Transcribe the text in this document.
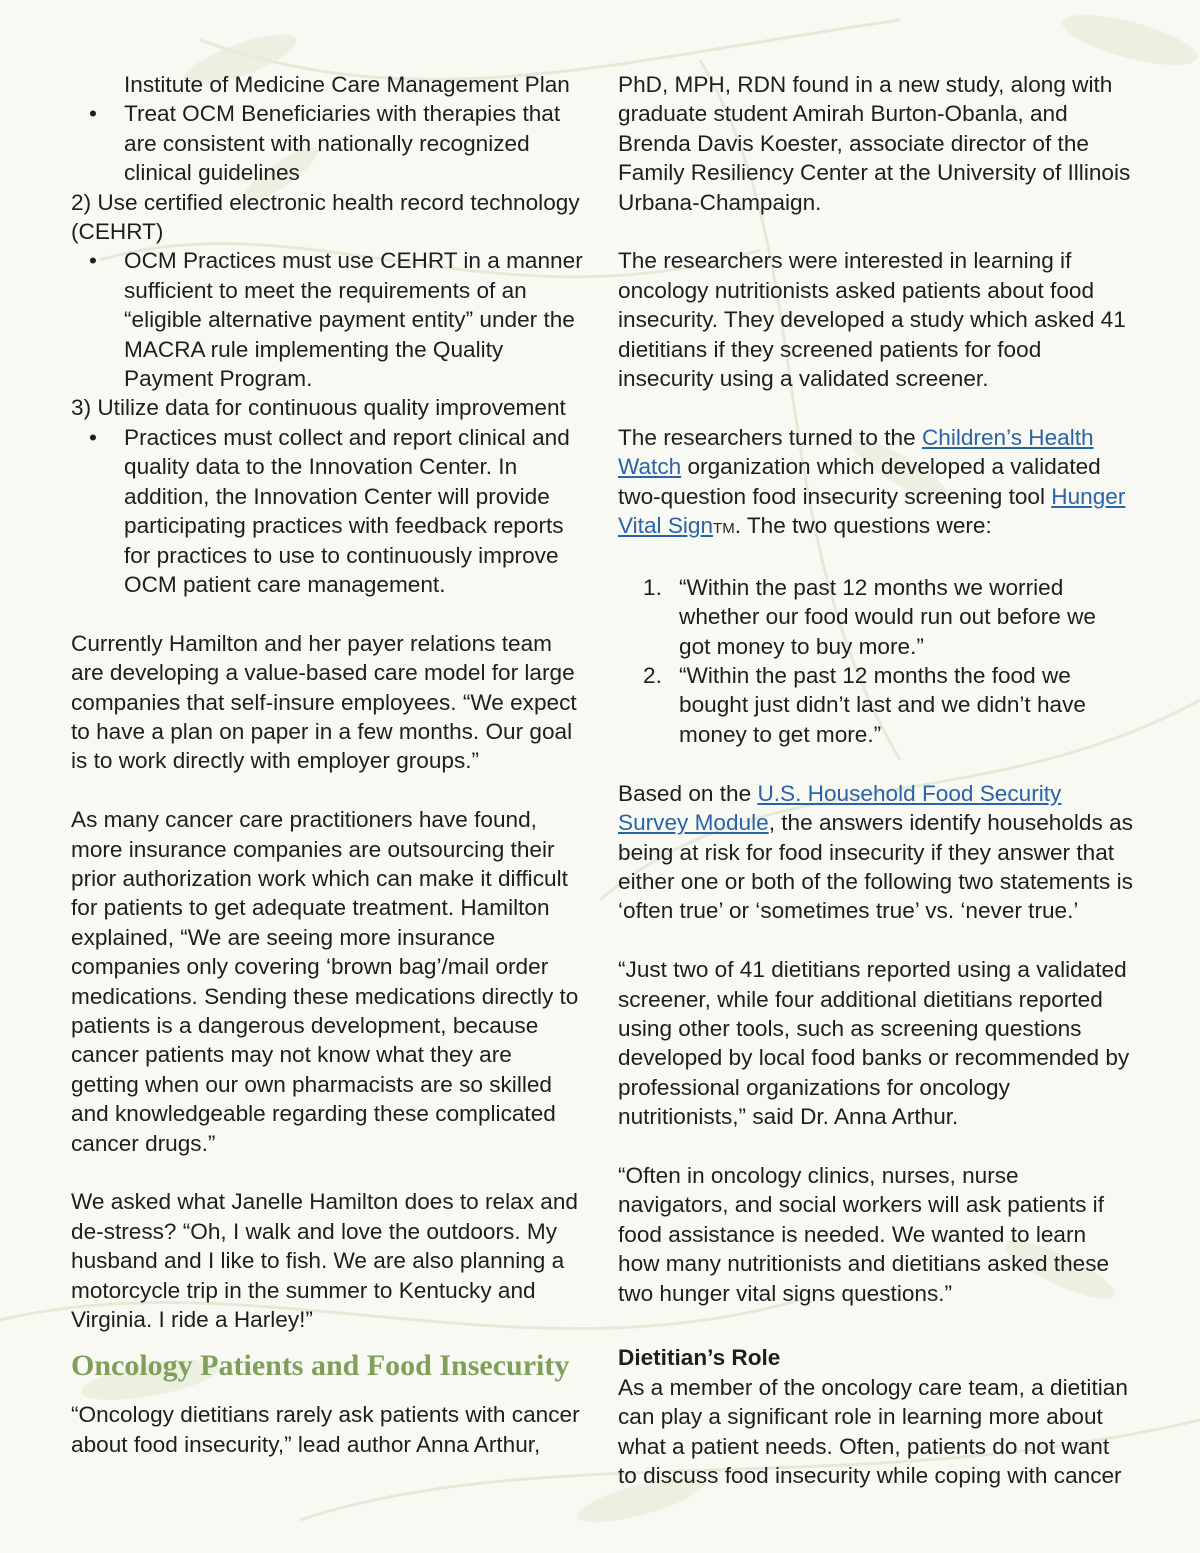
Institute of Medicine Care Management Plan

• Treat OCM Beneficiaries with therapies that are consistent with nationally recognized clinical guidelines

2) Use certified electronic health record technology (CEHRT)

• OCM Practices must use CEHRT in a manner sufficient to meet the requirements of an “eligible alternative payment entity” under the MACRA rule implementing the Quality Payment Program.

3) Utilize data for continuous quality improvement

• Practices must collect and report clinical and quality data to the Innovation Center. In addition, the Innovation Center will provide participating practices with feedback reports for practices to use to continuously improve OCM patient care management.

Currently Hamilton and her payer relations team are developing a value-based care model for large companies that self-insure employees. “We expect to have a plan on paper in a few months. Our goal is to work directly with employer groups.”

As many cancer care practitioners have found, more insurance companies are outsourcing their prior authorization work which can make it difficult for patients to get adequate treatment. Hamilton explained, “We are seeing more insurance companies only covering ‘brown bag’/mail order medications. Sending these medications directly to patients is a dangerous development, because cancer patients may not know what they are getting when our own pharmacists are so skilled and knowledgeable regarding these complicated cancer drugs.”

We asked what Janelle Hamilton does to relax and de-stress? “Oh, I walk and love the outdoors. My husband and I like to fish. We are also planning a motorcycle trip in the summer to Kentucky and Virginia. I ride a Harley!”

Oncology Patients and Food Insecurity

“Oncology dietitians rarely ask patients with cancer about food insecurity,” lead author Anna Arthur,

PhD, MPH, RDN found in a new study, along with graduate student Amirah Burton-Obanla, and Brenda Davis Koester, associate director of the Family Resiliency Center at the University of Illinois Urbana-Champaign.

The researchers were interested in learning if oncology nutritionists asked patients about food insecurity. They developed a study which asked 41 dietitians if they screened patients for food insecurity using a validated screener.

The researchers turned to the Children’s Health Watch organization which developed a validated two-question food insecurity screening tool Hunger Vital SignTM. The two questions were:

1. “Within the past 12 months we worried whether our food would run out before we got money to buy more.”
2. “Within the past 12 months the food we bought just didn’t last and we didn’t have money to get more.”

Based on the U.S. Household Food Security Survey Module, the answers identify households as being at risk for food insecurity if they answer that either one or both of the following two statements is ‘often true’ or ‘sometimes true’ vs. ‘never true.’

“Just two of 41 dietitians reported using a validated screener, while four additional dietitians reported using other tools, such as screening questions developed by local food banks or recommended by professional organizations for oncology nutritionists,” said Dr. Anna Arthur.

“Often in oncology clinics, nurses, nurse navigators, and social workers will ask patients if food assistance is needed. We wanted to learn how many nutritionists and dietitians asked these two hunger vital signs questions.”

Dietitian’s Role

As a member of the oncology care team, a dietitian can play a significant role in learning more about what a patient needs. Often, patients do not want to discuss food insecurity while coping with cancer
